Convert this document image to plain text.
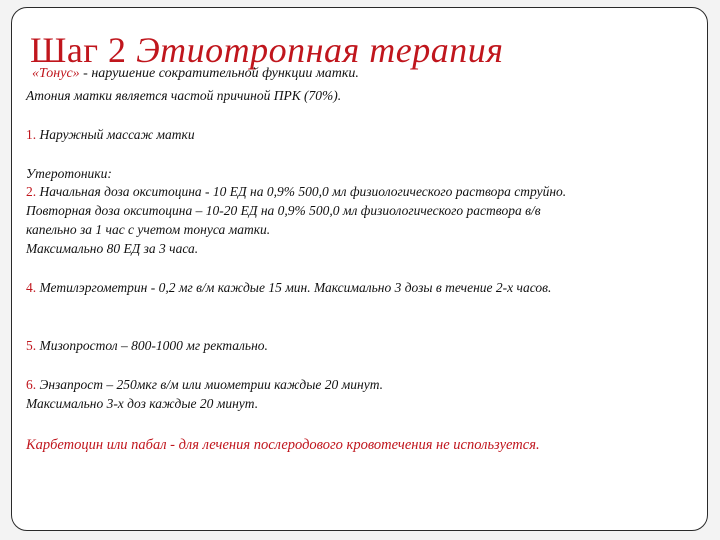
Шаг 2 Этиотропная терапия
«Тонус» - нарушение сократительной функции матки.
Атония матки является частой причиной ПРК (70%).
1. Наружный массаж матки
Утеротоники:
2. Начальная доза окситоцина - 10 ЕД на 0,9% 500,0 мл физиологического раствора струйно.
Повторная доза окситоцина – 10-20 ЕД на 0,9% 500,0 мл физиологического раствора в/в
капельно за 1 час с учетом тонуса матки.
Максимально 80 ЕД за 3 часа.
4. Метилэргометрин - 0,2 мг в/м каждые 15 мин. Максимально 3 дозы в течение 2-х часов.
5. Мизопростол – 800-1000 мг ректально.
6. Энзапрост – 250мкг в/м или миометрии каждые 20 минут.
Максимально 3-х доз каждые 20 минут.
Карбетоцин или пабал - для лечения послеродового кровотечения не используется.
